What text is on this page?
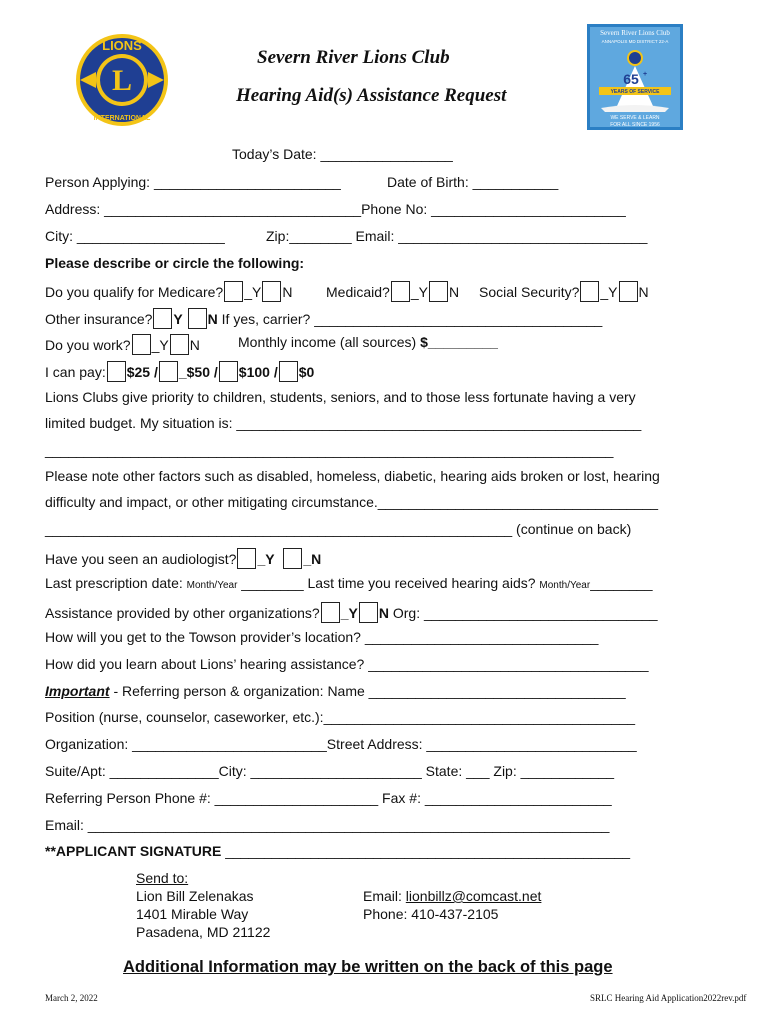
L
LIONS
INTERNATIONAL
Severn River Lions Club
ANNAPOLIS MD DISTRICT 22-A
65 +
YEARS OF SERVICE
WE SERVE & LEARN
FOR ALL SINCE 1956
Severn River Lions Club
Hearing Aid(s) Assistance Request
Today’s Date: _________________
Person Applying: ________________________	Date of Birth: ___________
Address: _________________________________Phone No: _________________________
City: ___________________	Zip:________ Email: ________________________________
Please describe or circle the following:
Do you qualify for Medicare? _Y N Medicaid? _Y N Social Security? _Y N
Other insurance? Y N If yes, carrier? _____________________________________
Do you work? _Y N	Monthly income (all sources) $_________
I can pay: $25 / _$50 / $100 / $0
Lions Clubs give priority to children, students, seniors, and to those less fortunate having a very
limited budget. My situation is: ____________________________________________________
_________________________________________________________________________
Please note other factors such as disabled, homeless, diabetic, hearing aids broken or lost, hearing
difficulty and impact, or other mitigating circumstance.____________________________________
____________________________________________________________ (continue on back)
Have you seen an audiologist? _Y _N
Last prescription date: Month/Year ________ Last time you received hearing aids? Month/Year________
Assistance provided by other organizations? _Y N Org: ______________________________
How will you get to the Towson provider’s location? ______________________________
How did you learn about Lions’ hearing assistance? ____________________________________
Important - Referring person & organization: Name _________________________________
Position (nurse, counselor, caseworker, etc.):________________________________________
Organization: _________________________Street Address: ___________________________
Suite/Apt: ______________City: ______________________ State: ___ Zip: ____________
Referring Person Phone #: _____________________ Fax #: ________________________
Email: ___________________________________________________________________
**APPLICANT SIGNATURE ____________________________________________________
Send to:
Lion Bill Zelenakas
1401 Mirable Way
Pasadena, MD 21122
Email: lionbillz@comcast.net
Phone: 410-437-2105
Additional Information may be written on the back of this page
March 2, 2022	SRLC Hearing Aid Application2022rev.pdf
